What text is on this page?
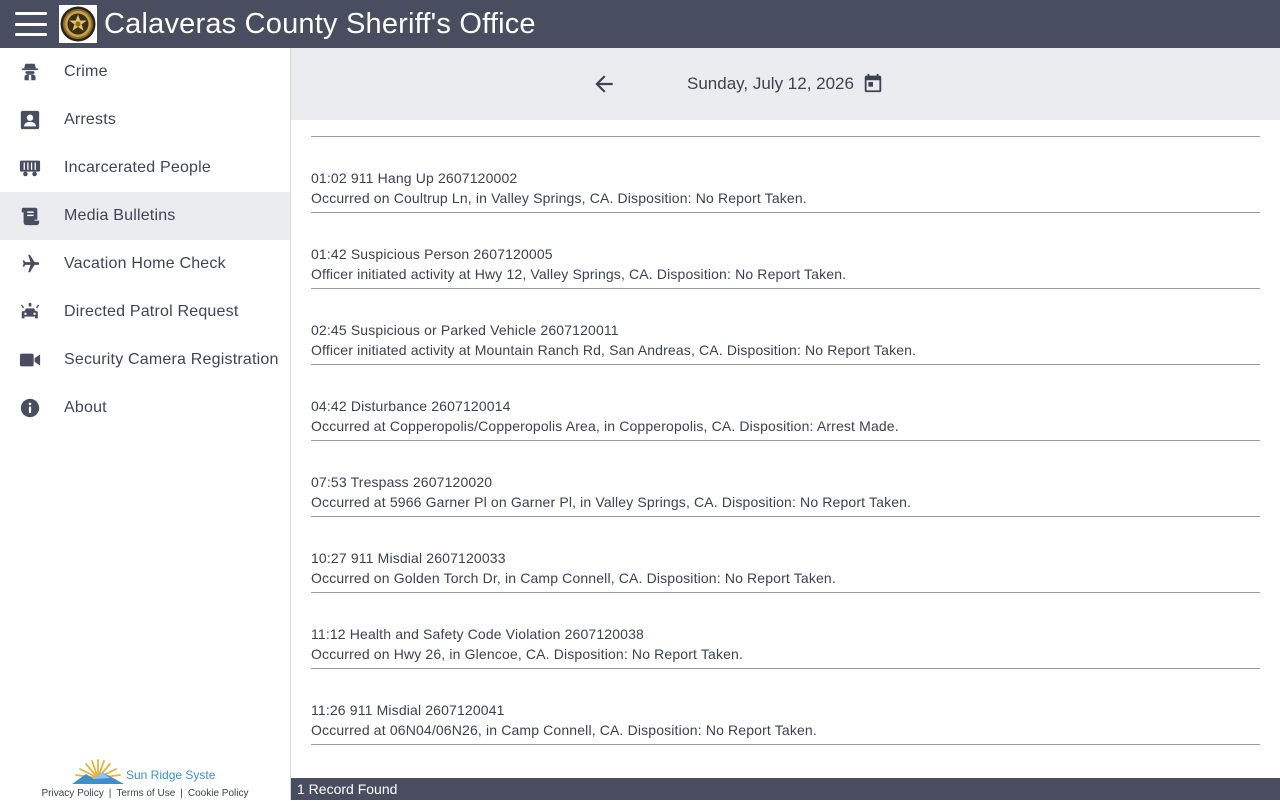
Calaveras County Sheriff's Office
Crime
Arrests
Incarcerated People
Media Bulletins
Vacation Home Check
Directed Patrol Request
Security Camera Registration
About
Sun Ridge Syste
Privacy Policy | Terms of Use | Cookie Policy
Sunday, July 12, 2026
01:02 911 Hang Up 2607120002
Occurred on Coultrup Ln, in Valley Springs, CA. Disposition: No Report Taken.
01:42 Suspicious Person 2607120005
Officer initiated activity at Hwy 12, Valley Springs, CA. Disposition: No Report Taken.
02:45 Suspicious or Parked Vehicle 2607120011
Officer initiated activity at Mountain Ranch Rd, San Andreas, CA. Disposition: No Report Taken.
04:42 Disturbance 2607120014
Occurred at Copperopolis/Copperopolis Area, in Copperopolis, CA. Disposition: Arrest Made.
07:53 Trespass 2607120020
Occurred at 5966 Garner Pl on Garner Pl, in Valley Springs, CA. Disposition: No Report Taken.
10:27 911 Misdial 2607120033
Occurred on Golden Torch Dr, in Camp Connell, CA. Disposition: No Report Taken.
11:12 Health and Safety Code Violation 2607120038
Occurred on Hwy 26, in Glencoe, CA. Disposition: No Report Taken.
11:26 911 Misdial 2607120041
Occurred at 06N04/06N26, in Camp Connell, CA. Disposition: No Report Taken.
1 Record Found
